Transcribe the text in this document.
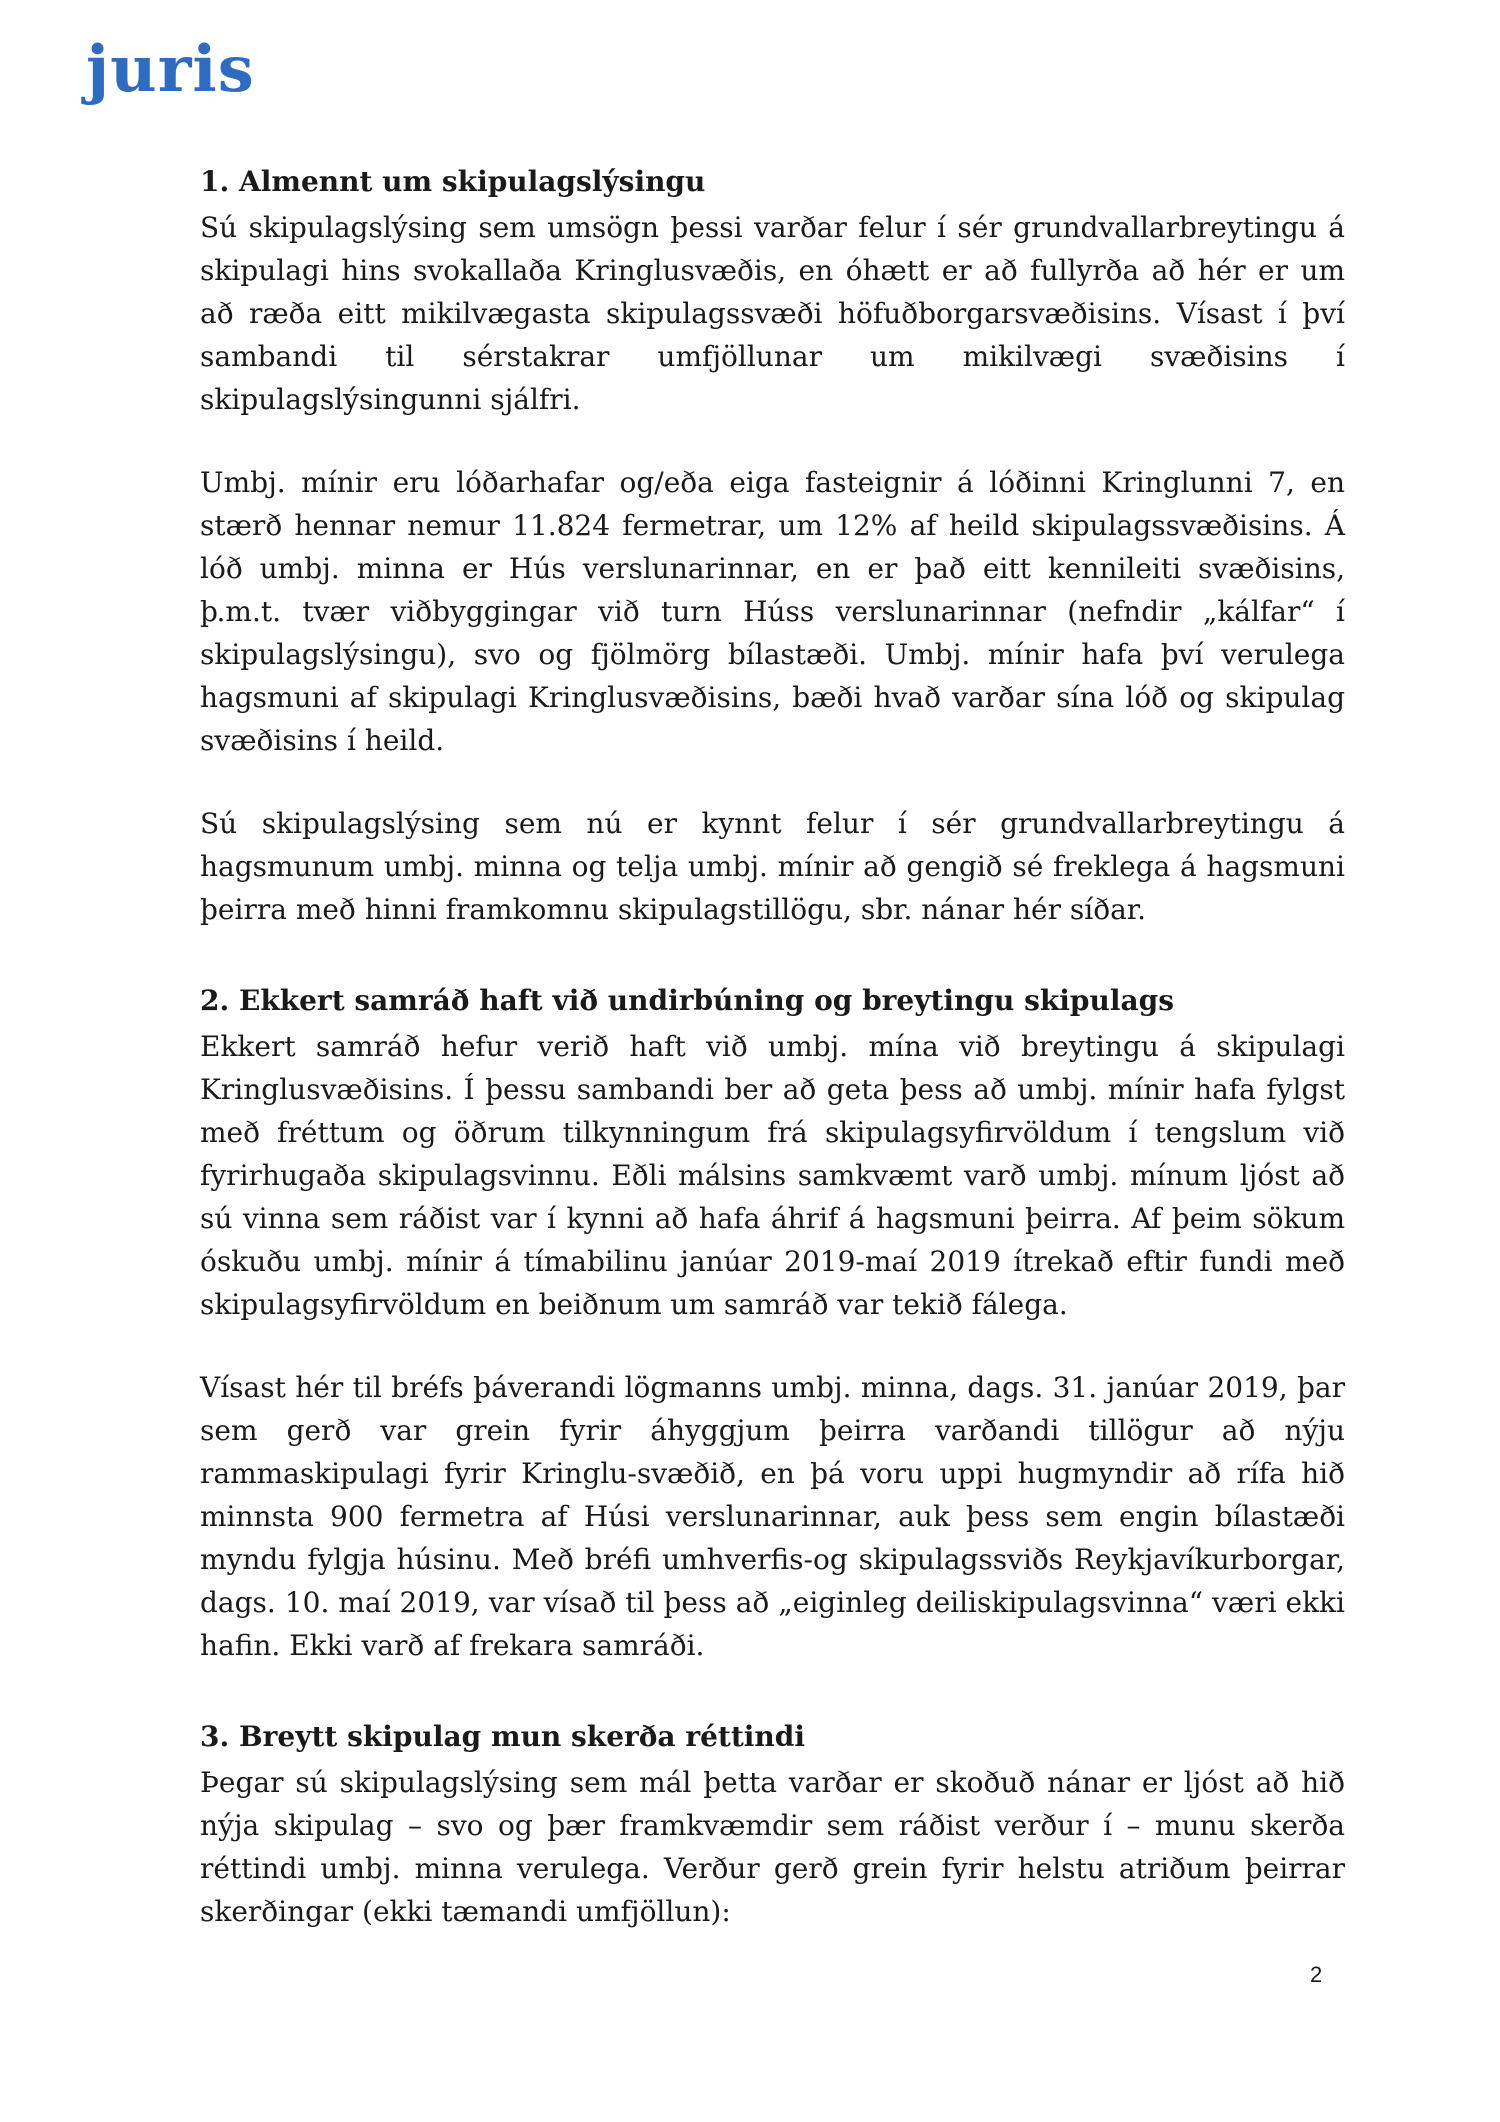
juris
1. Almennt um skipulagslýsingu

Sú skipulagslýsing sem umsögn þessi varðar felur í sér grundvallarbreytingu á skipulagi hins svokallaða Kringlusvæðis, en óhætt er að fullyrða að hér er um að ræða eitt mikilvægasta skipulagssvæði höfuðborgarsvæðisins. Vísast í því sambandi til sérstakrar umfjöllunar um mikilvægi svæðisins í skipulagslýsingunni sjálfri.

Umbj. mínir eru lóðarhafar og/eða eiga fasteignir á lóðinni Kringlunni 7, en stærð hennar nemur 11.824 fermetrar, um 12% af heild skipulagssvæðisins. Á lóð umbj. minna er Hús verslunarinnar, en er það eitt kennileiti svæðisins, þ.m.t. tvær viðbyggingar við turn Húss verslunarinnar (nefndir „kálfar“ í skipulagslýsingu), svo og fjölmörg bílastæði. Umbj. mínir hafa því verulega hagsmuni af skipulagi Kringlusvæðisins, bæði hvað varðar sína lóð og skipulag svæðisins í heild.

Sú skipulagslýsing sem nú er kynnt felur í sér grundvallarbreytingu á hagsmunum umbj. minna og telja umbj. mínir að gengið sé freklega á hagsmuni þeirra með hinni framkomnu skipulagstillögu, sbr. nánar hér síðar.

2. Ekkert samráð haft við undirbúning og breytingu skipulags

Ekkert samráð hefur verið haft við umbj. mína við breytingu á skipulagi Kringlusvæðisins. Í þessu sambandi ber að geta þess að umbj. mínir hafa fylgst með fréttum og öðrum tilkynningum frá skipulagsyfirvöldum í tengslum við fyrirhugaða skipulagsvinnu. Eðli málsins samkvæmt varð umbj. mínum ljóst að sú vinna sem ráðist var í kynni að hafa áhrif á hagsmuni þeirra. Af þeim sökum óskuðu umbj. mínir á tímabilinu janúar 2019-maí 2019 ítrekað eftir fundi með skipulagsyfirvöldum en beiðnum um samráð var tekið fálega.

Vísast hér til bréfs þáverandi lögmanns umbj. minna, dags. 31. janúar 2019, þar sem gerð var grein fyrir áhyggjum þeirra varðandi tillögur að nýju rammaskipulagi fyrir Kringlu-svæðið, en þá voru uppi hugmyndir að rífa hið minnsta 900 fermetra af Húsi verslunarinnar, auk þess sem engin bílastæði myndu fylgja húsinu. Með bréfi umhverfis-og skipulagssviðs Reykjavíkurborgar, dags. 10. maí 2019, var vísað til þess að „eiginleg deiliskipulagsvinna“ væri ekki hafin. Ekki varð af frekara samráði.

3. Breytt skipulag mun skerða réttindi

Þegar sú skipulagslýsing sem mál þetta varðar er skoðuð nánar er ljóst að hið nýja skipulag – svo og þær framkvæmdir sem ráðist verður í – munu skerða réttindi umbj. minna verulega. Verður gerð grein fyrir helstu atriðum þeirrar skerðingar (ekki tæmandi umfjöllun):

2
